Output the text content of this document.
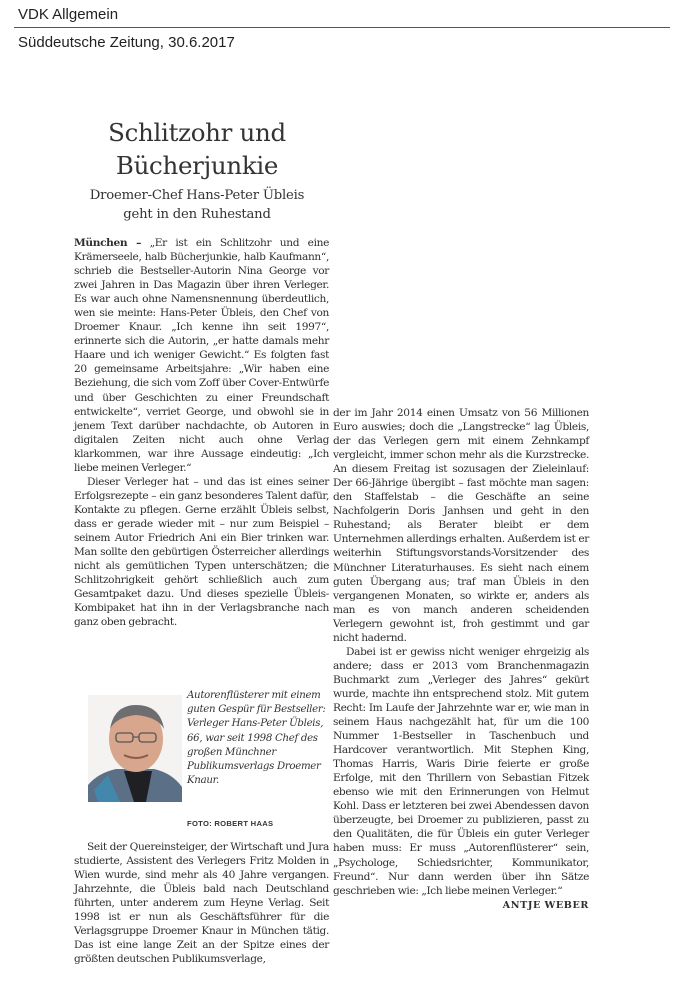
VDK Allgemein
Süddeutsche Zeitung, 30.6.2017
Schlitzohr und
Bücherjunkie
Droemer-Chef Hans-Peter Übleis
geht in den Ruhestand

München – „Er ist ein Schlitzohr und eine Krämerseele, halb Bücherjunkie, halb Kaufmann“, schrieb die Bestseller-Autorin Nina George vor zwei Jahren in Das Magazin über ihren Verleger. Es war auch ohne Namensnennung überdeutlich, wen sie meinte: Hans-Peter Übleis, den Chef von Droemer Knaur. „Ich kenne ihn seit 1997“, erinnerte sich die Autorin, „er hatte damals mehr Haare und ich weniger Gewicht.“ Es folgten fast 20 gemeinsame Arbeitsjahre: „Wir haben eine Beziehung, die sich vom Zoff über Cover-Entwürfe und über Geschichten zu einer Freundschaft entwickelte“, verriet George, und obwohl sie in jenem Text darüber nachdachte, ob Autoren in digitalen Zeiten nicht auch ohne Verlag klarkommen, war ihre Aussage eindeutig: „Ich liebe meinen Verleger.“

Dieser Verleger hat – und das ist eines seiner Erfolgsrezepte – ein ganz besonderes Talent dafür, Kontakte zu pflegen. Gerne erzählt Übleis selbst, dass er gerade wieder mit – nur zum Beispiel – seinem Autor Friedrich Ani ein Bier trinken war. Man sollte den gebürtigen Österreicher allerdings nicht als gemütlichen Typen unterschätzen; die Schlitzohrigkeit gehört schließlich auch zum Gesamtpaket dazu. Und dieses spezielle Übleis-Kombipaket hat ihn in der Verlagsbranche nach ganz oben gebracht.

Autorenflüsterer mit einem guten Gespür für Bestseller: Verleger Hans-Peter Übleis, 66, war seit 1998 Chef des großen Münchner Publikumsverlags Droemer Knaur.
FOTO: ROBERT HAAS

Seit der Quereinsteiger, der Wirtschaft und Jura studierte, Assistent des Verlegers Fritz Molden in Wien wurde, sind mehr als 40 Jahre vergangen. Jahrzehnte, die Übleis bald nach Deutschland führten, unter anderem zum Heyne Verlag. Seit 1998 ist er nun als Geschäftsführer für die Verlagsgruppe Droemer Knaur in München tätig. Das ist eine lange Zeit an der Spitze eines der größten deutschen Publikumsverlage,

der im Jahr 2014 einen Umsatz von 56 Millionen Euro auswies; doch die „Langstrecke“ lag Übleis, der das Verlegen gern mit einem Zehnkampf vergleicht, immer schon mehr als die Kurzstrecke. An diesem Freitag ist sozusagen der Zieleinlauf: Der 66-Jährige übergibt – fast möchte man sagen: den Staffelstab – die Geschäfte an seine Nachfolgerin Doris Janhsen und geht in den Ruhestand; als Berater bleibt er dem Unternehmen allerdings erhalten. Außerdem ist er weiterhin Stiftungsvorstands-Vorsitzender des Münchner Literaturhauses. Es sieht nach einem guten Übergang aus; traf man Übleis in den vergangenen Monaten, so wirkte er, anders als man es von manch anderen scheidenden Verlegern gewohnt ist, froh gestimmt und gar nicht hadernd.

Dabei ist er gewiss nicht weniger ehrgeizig als andere; dass er 2013 vom Branchenmagazin Buchmarkt zum „Verleger des Jahres“ gekürt wurde, machte ihn entsprechend stolz. Mit gutem Recht: Im Laufe der Jahrzehnte war er, wie man in seinem Haus nachgezählt hat, für um die 100 Nummer 1-Bestseller in Taschenbuch und Hardcover verantwortlich. Mit Stephen King, Thomas Harris, Waris Dirie feierte er große Erfolge, mit den Thrillern von Sebastian Fitzek ebenso wie mit den Erinnerungen von Helmut Kohl. Dass er letzteren bei zwei Abendessen davon überzeugte, bei Droemer zu publizieren, passt zu den Qualitäten, die für Übleis ein guter Verleger haben muss: Er muss „Autorenflüsterer“ sein, „Psychologe, Schiedsrichter, Kommunikator, Freund“. Nur dann werden über ihn Sätze geschrieben wie: „Ich liebe meinen Verleger.“
ANTJE WEBER
